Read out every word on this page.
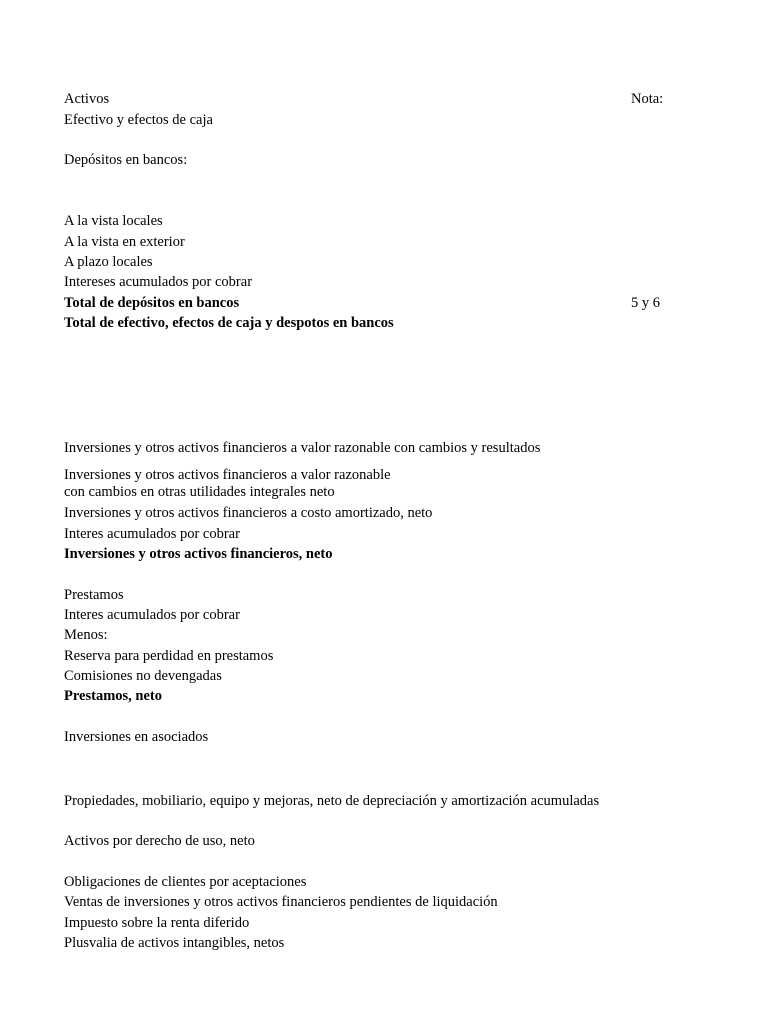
Activos	Nota:
Efectivo y efectos de caja
Depósitos en bancos:
A la vista locales
A la vista en exterior
A plazo locales
Intereses acumulados por cobrar
Total de depósitos en bancos	5 y 6
Total de efectivo, efectos de caja y despotos en bancos
Inversiones y otros activos financieros a valor razonable con cambios y resultados
Inversiones y otros activos financieros a valor razonable
con cambios en otras utilidades integrales neto
Inversiones y otros activos financieros a costo amortizado, neto
Interes acumulados por cobrar
Inversiones y otros activos financieros, neto
Prestamos
Interes acumulados por cobrar
Menos:
Reserva para perdidad en prestamos
Comisiones no devengadas
Prestamos, neto
Inversiones en asociados
Propiedades, mobiliario, equipo y mejoras, neto de depreciación y amortización acumuladas
Activos por derecho de uso, neto
Obligaciones de clientes por aceptaciones
Ventas de inversiones y otros activos financieros pendientes de liquidación
Impuesto sobre la renta diferido
Plusvalia de activos intangibles, netos
